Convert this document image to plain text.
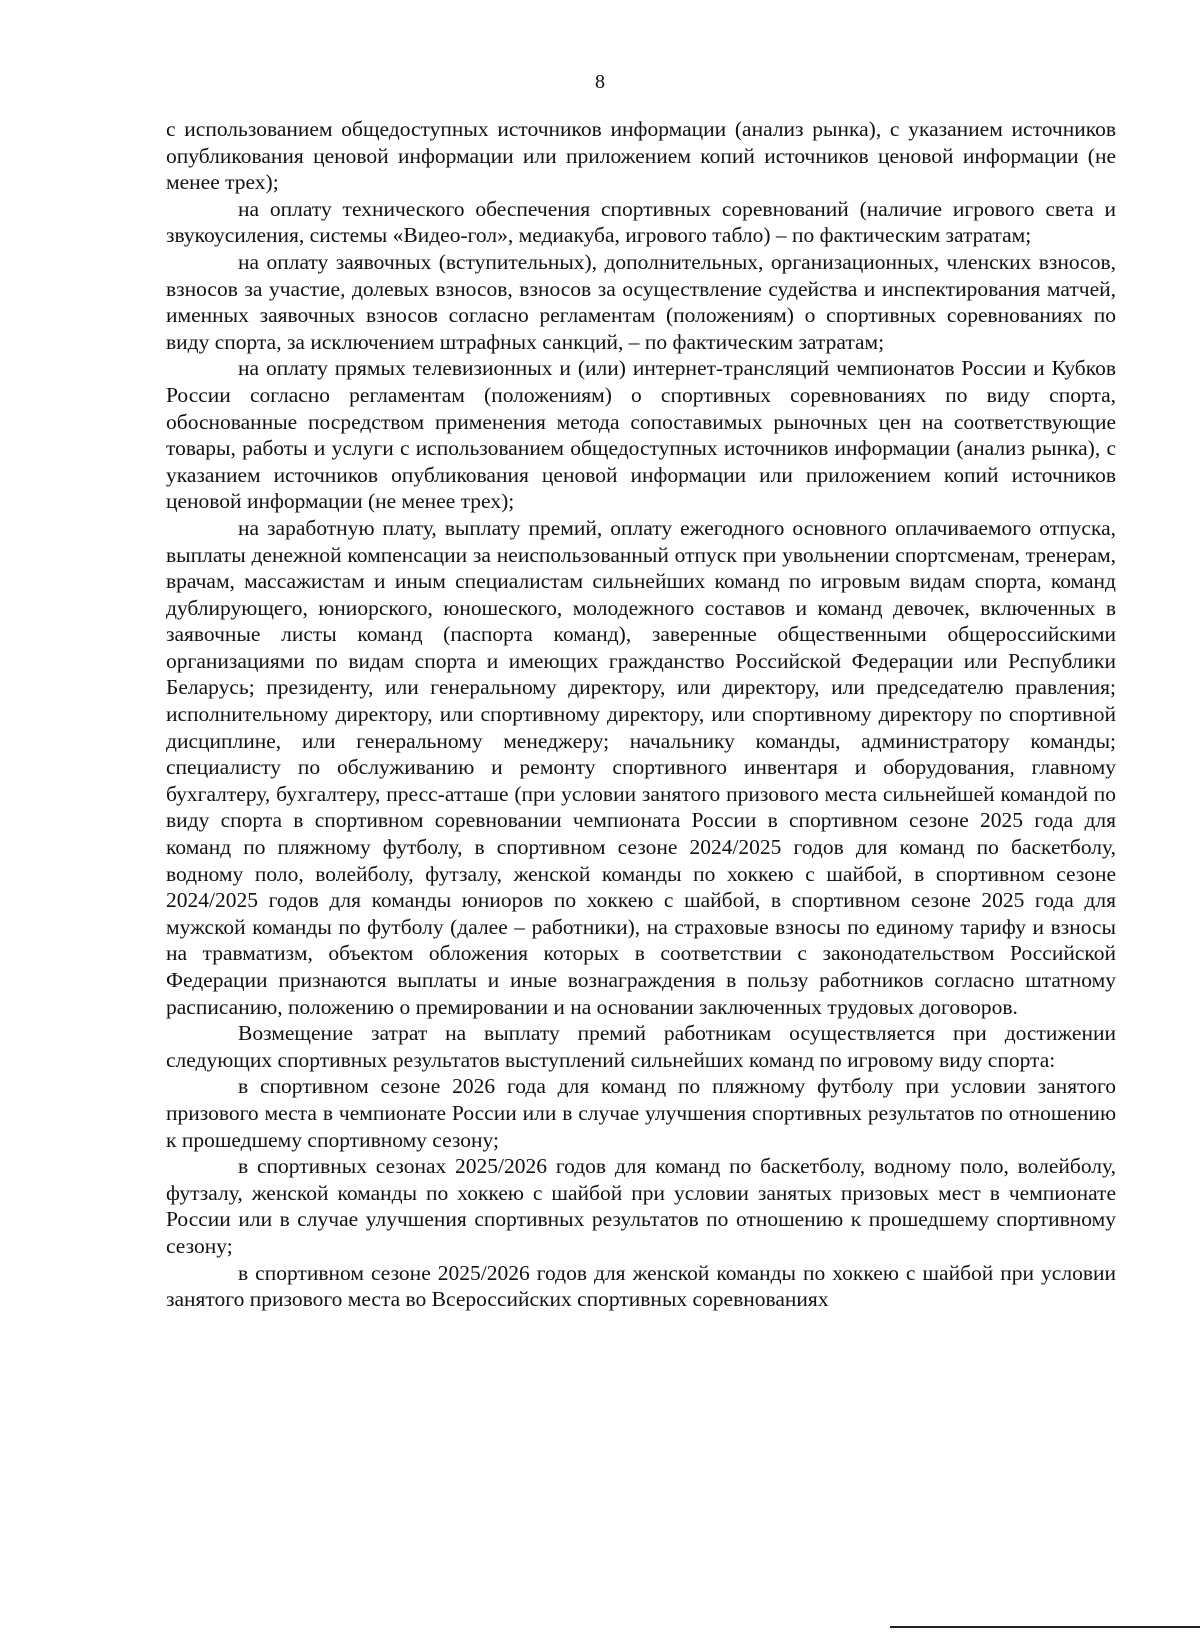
8

с использованием общедоступных источников информации (анализ рынка), с указанием источников опубликования ценовой информации или приложением копий источников ценовой информации (не менее трех);

на оплату технического обеспечения спортивных соревнований (наличие игрового света и звукоусиления, системы «Видео-гол», медиакуба, игрового табло) – по фактическим затратам;

на оплату заявочных (вступительных), дополнительных, организационных, членских взносов, взносов за участие, долевых взносов, взносов за осуществление судейства и инспектирования матчей, именных заявочных взносов согласно регламентам (положениям) о спортивных соревнованиях по виду спорта, за исключением штрафных санкций, – по фактическим затратам;

на оплату прямых телевизионных и (или) интернет-трансляций чемпионатов России и Кубков России согласно регламентам (положениям) о спортивных соревнованиях по виду спорта, обоснованные посредством применения метода сопоставимых рыночных цен на соответствующие товары, работы и услуги с использованием общедоступных источников информации (анализ рынка), с указанием источников опубликования ценовой информации или приложением копий источников ценовой информации (не менее трех);

на заработную плату, выплату премий, оплату ежегодного основного оплачиваемого отпуска, выплаты денежной компенсации за неиспользованный отпуск при увольнении спортсменам, тренерам, врачам, массажистам и иным специалистам сильнейших команд по игровым видам спорта, команд дублирующего, юниорского, юношеского, молодежного составов и команд девочек, включенных в заявочные листы команд (паспорта команд), заверенные общественными общероссийскими организациями по видам спорта и имеющих гражданство Российской Федерации или Республики Беларусь; президенту, или генеральному директору, или директору, или председателю правления; исполнительному директору, или спортивному директору, или спортивному директору по спортивной дисциплине, или генеральному менеджеру; начальнику команды, администратору команды; специалисту по обслуживанию и ремонту спортивного инвентаря и оборудования, главному бухгалтеру, бухгалтеру, пресс-атташе (при условии занятого призового места сильнейшей командой по виду спорта в спортивном соревновании чемпионата России в спортивном сезоне 2025 года для команд по пляжному футболу, в спортивном сезоне 2024/2025 годов для команд по баскетболу, водному поло, волейболу, футзалу, женской команды по хоккею с шайбой, в спортивном сезоне 2024/2025 годов для команды юниоров по хоккею с шайбой, в спортивном сезоне 2025 года для мужской команды по футболу (далее – работники), на страховые взносы по единому тарифу и взносы на травматизм, объектом обложения которых в соответствии с законодательством Российской Федерации признаются выплаты и иные вознаграждения в пользу работников согласно штатному расписанию, положению о премировании и на основании заключенных трудовых договоров.

Возмещение затрат на выплату премий работникам осуществляется при достижении следующих спортивных результатов выступлений сильнейших команд по игровому виду спорта:

в спортивном сезоне 2026 года для команд по пляжному футболу при условии занятого призового места в чемпионате России или в случае улучшения спортивных результатов по отношению к прошедшему спортивному сезону;

в спортивных сезонах 2025/2026 годов для команд по баскетболу, водному поло, волейболу, футзалу, женской команды по хоккею с шайбой при условии занятых призовых мест в чемпионате России или в случае улучшения спортивных результатов по отношению к прошедшему спортивному сезону;

в спортивном сезоне 2025/2026 годов для женской команды по хоккею с шайбой при условии занятого призового места во Всероссийских спортивных соревнованиях
